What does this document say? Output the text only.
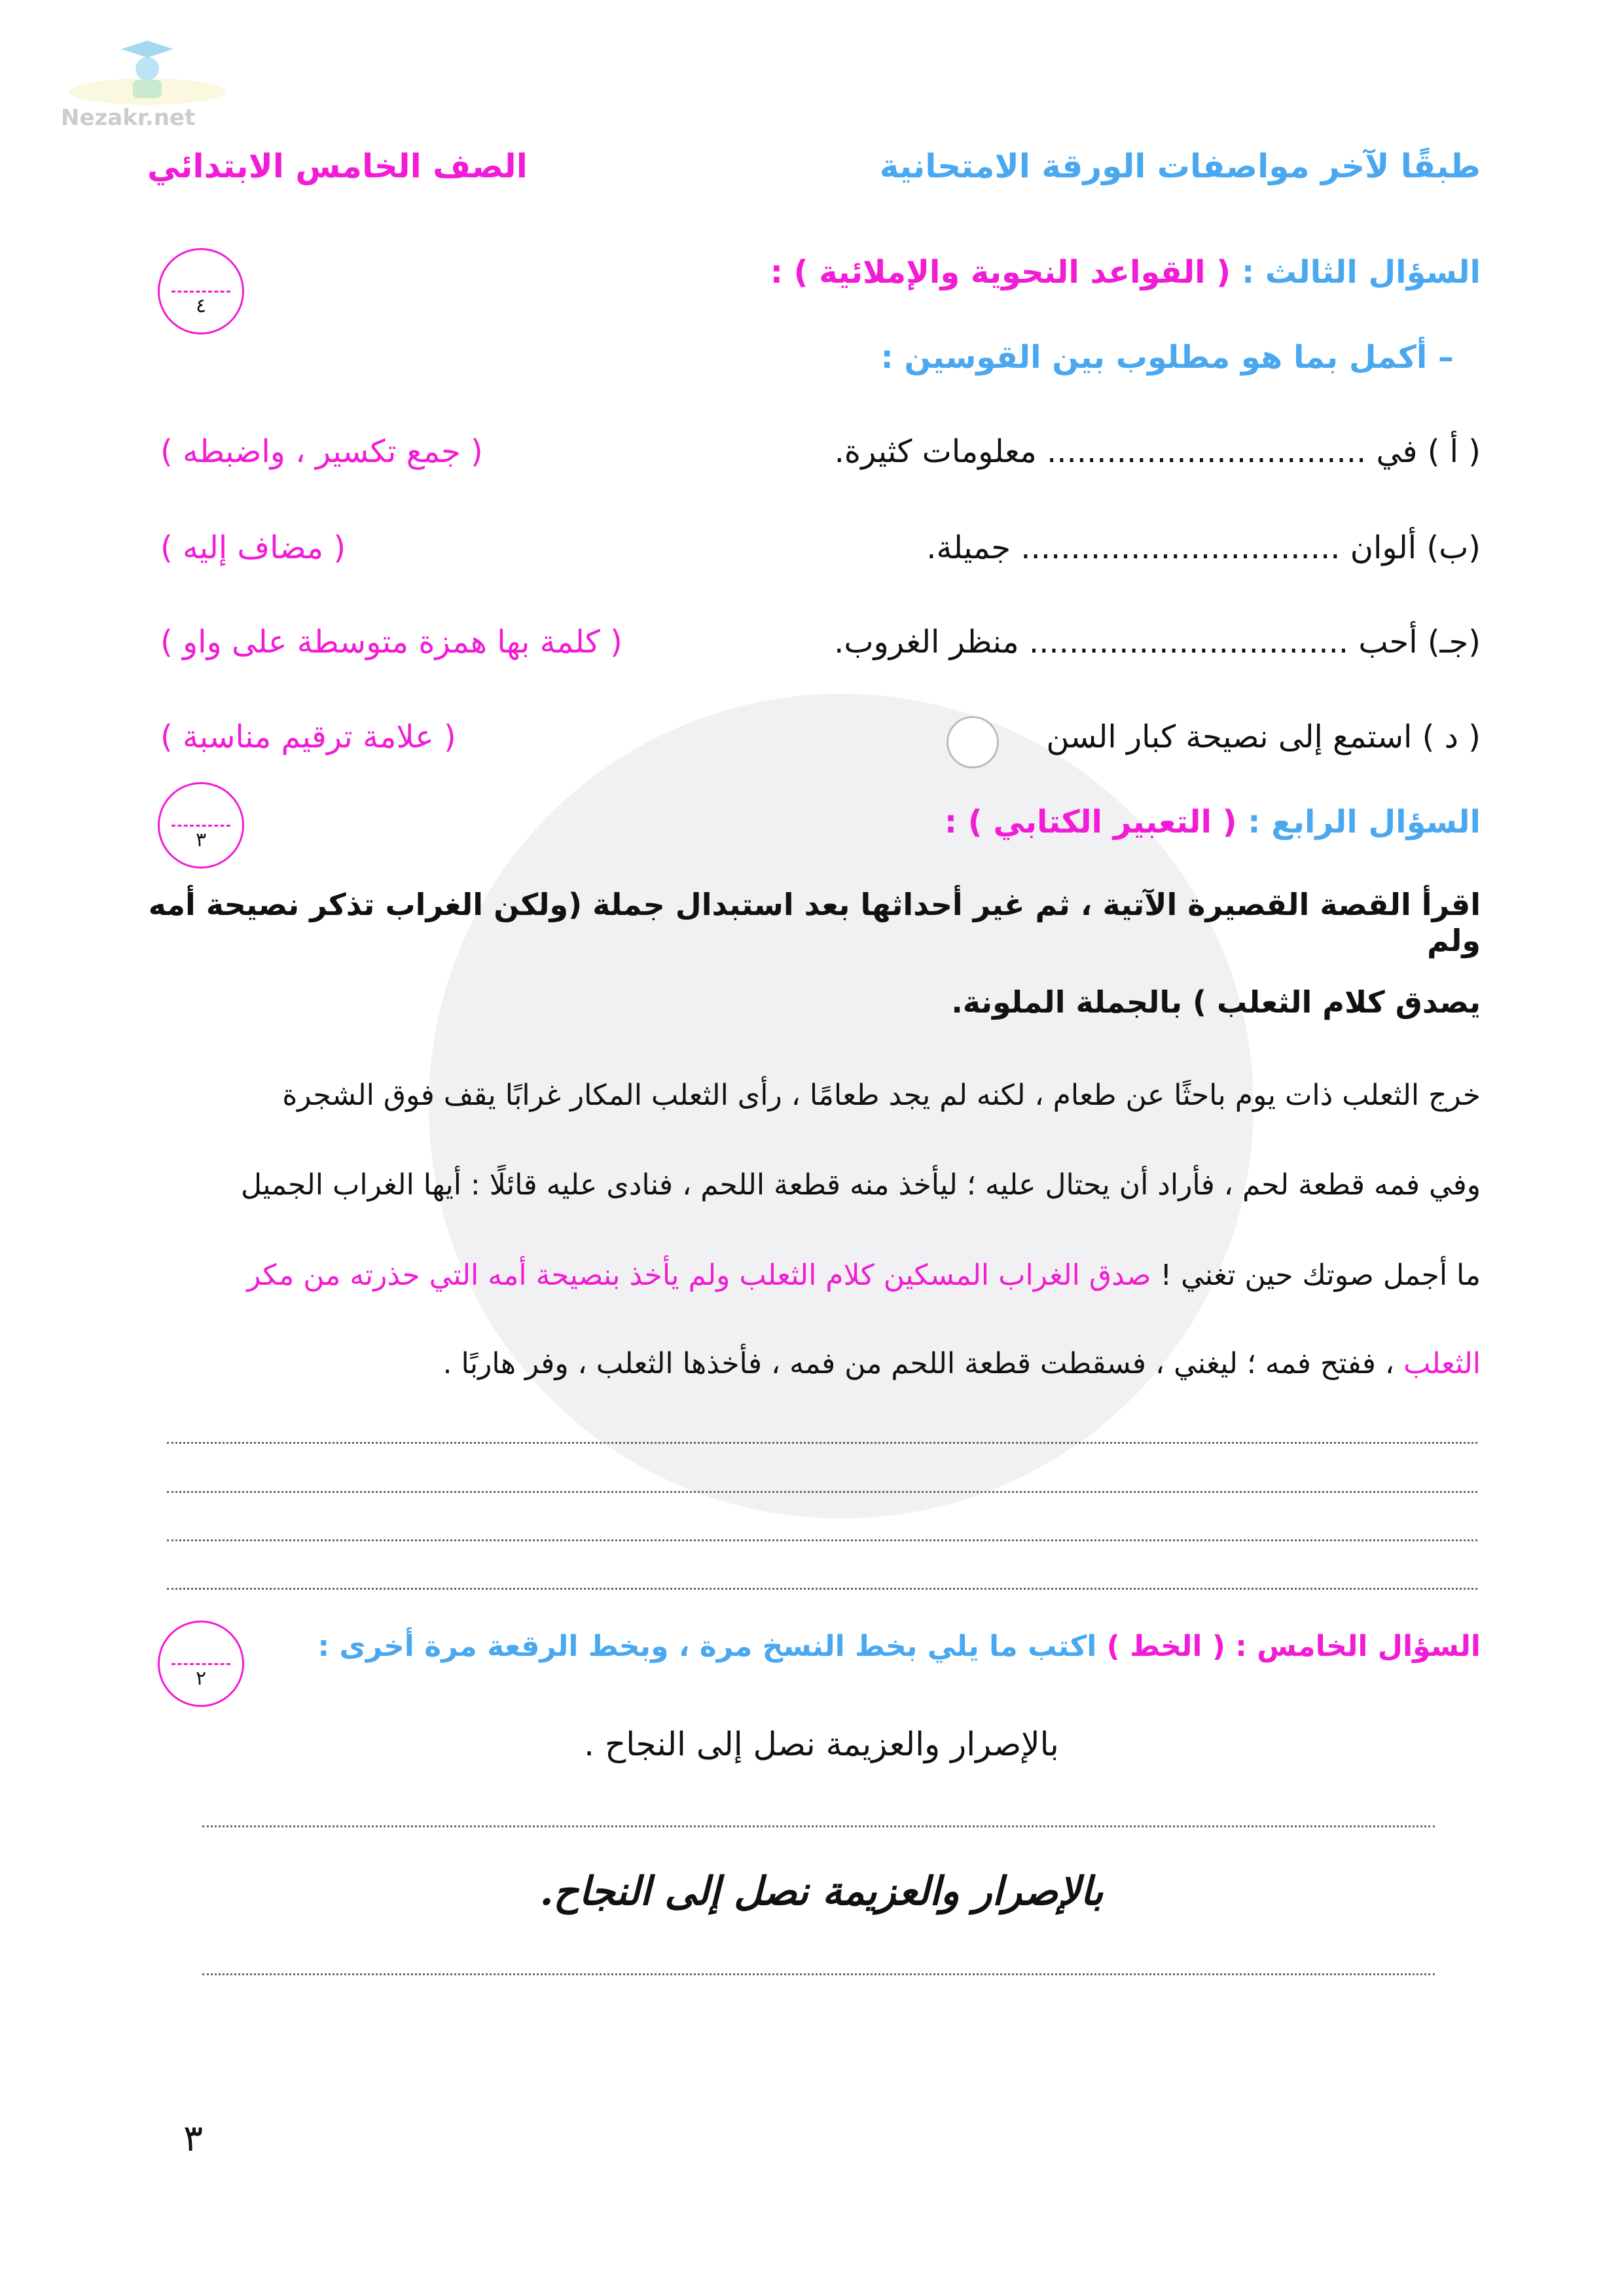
Nezakr.net
طبقًا لآخر مواصفات الورقة الامتحانية
الصف الخامس الابتدائي
السؤال الثالث : ( القواعد النحوية والإملائية ) :
٤
– أكمل بما هو مطلوب بين القوسين :
( أ ) في ................................ معلومات كثيرة.
( جمع تكسير ، واضبطه )
(ب) ألوان ................................ جميلة.
( مضاف إليه )
(جـ) أحب ................................ منظر الغروب.
( كلمة بها همزة متوسطة على واو )
( د ) استمع إلى نصيحة كبار السن
( علامة ترقيم مناسبة )
السؤال الرابع : ( التعبير الكتابي ) :
٣
اقرأ القصة القصيرة الآتية ، ثم غير أحداثها بعد استبدال جملة (ولكن الغراب تذكر نصيحة أمه ولم
يصدق كلام الثعلب ) بالجملة الملونة.
خرج الثعلب ذات يوم باحثًا عن طعام ، لكنه لم يجد طعامًا ، رأى الثعلب المكار غرابًا يقف فوق الشجرة
وفي فمه قطعة لحم ، فأراد أن يحتال عليه ؛ ليأخذ منه قطعة اللحم ، فنادى عليه قائلًا : أيها الغراب الجميل
ما أجمل صوتك حين تغني ! صدق الغراب المسكين كلام الثعلب ولم يأخذ بنصيحة أمه التي حذرته من مكر
الثعلب ، ففتح فمه ؛ ليغني ، فسقطت قطعة اللحم من فمه ، فأخذها الثعلب ، وفر هاربًا .
السؤال الخامس : ( الخط ) اكتب ما يلي بخط النسخ مرة ، وبخط الرقعة مرة أخرى :
٢
بالإصرار والعزيمة نصل إلى النجاح .
بالإصرار والعزيمة نصل إلى النجاح.
٣
